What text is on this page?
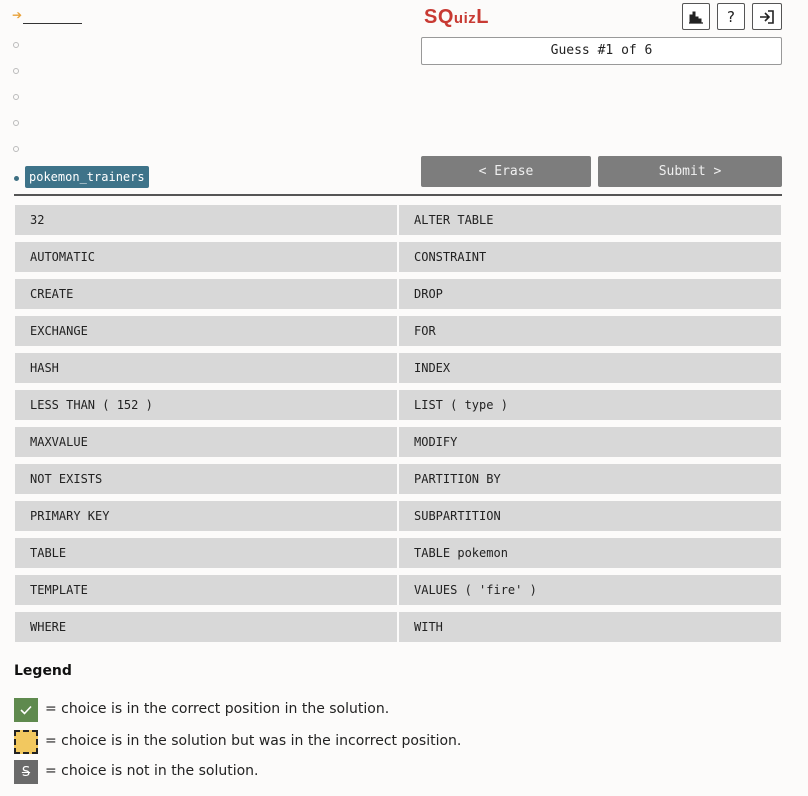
➔
pokemon_trainers
SQuizL	?
Guess #1 of 6
< Erase	Submit >
32	ALTER TABLE
AUTOMATIC	CONSTRAINT
CREATE	DROP
EXCHANGE	FOR
HASH	INDEX
LESS THAN ( 152 )	LIST ( type )
MAXVALUE	MODIFY
NOT EXISTS	PARTITION BY
PRIMARY KEY	SUBPARTITION
TABLE	TABLE pokemon
TEMPLATE	VALUES ( 'fire' )
WHERE	WITH
Legend
= choice is in the correct position in the solution.
= choice is in the solution but was in the incorrect position.
S = choice is not in the solution.
